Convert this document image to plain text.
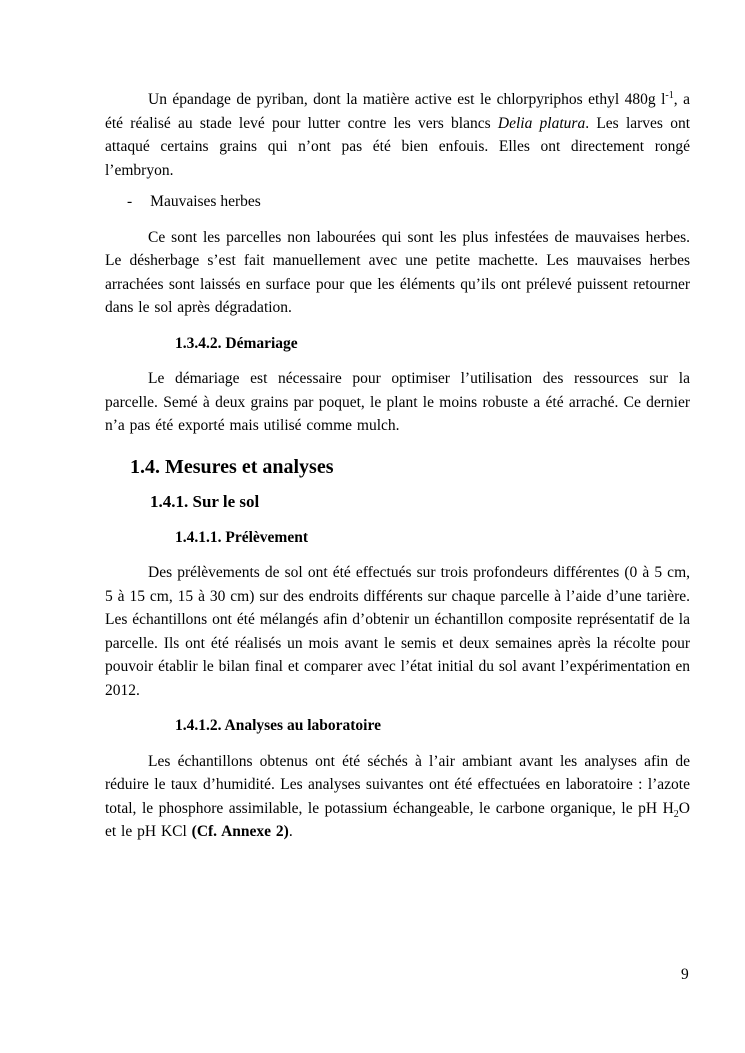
Un épandage de pyriban, dont la matière active est le chlorpyriphos ethyl 480g $l^{-1}$, a été réalisé au stade levé pour lutter contre les vers blancs Delia platura. Les larves ont attaqué certains grains qui n’ont pas été bien enfouis. Elles ont directement rongé l’embryon.

- Mauvaises herbes

Ce sont les parcelles non labourées qui sont les plus infestées de mauvaises herbes. Le désherbage s’est fait manuellement avec une petite machette. Les mauvaises herbes arrachées sont laissés en surface pour que les éléments qu’ils ont prélevé puissent retourner dans le sol après dégradation.

1.3.4.2. Démariage

Le démariage est nécessaire pour optimiser l’utilisation des ressources sur la parcelle. Semé à deux grains par poquet, le plant le moins robuste a été arraché. Ce dernier n’a pas été exporté mais utilisé comme mulch.

1.4. Mesures et analyses
1.4.1. Sur le sol
1.4.1.1. Prélèvement

Des prélèvements de sol ont été effectués sur trois profondeurs différentes (0 à 5 cm, 5 à 15 cm, 15 à 30 cm) sur des endroits différents sur chaque parcelle à l’aide d’une tarière. Les échantillons ont été mélangés afin d’obtenir un échantillon composite représentatif de la parcelle. Ils ont été réalisés un mois avant le semis et deux semaines après la récolte pour pouvoir établir le bilan final et comparer avec l’état initial du sol avant l’expérimentation en 2012.

1.4.1.2. Analyses au laboratoire

Les échantillons obtenus ont été séchés à l’air ambiant avant les analyses afin de réduire le taux d’humidité. Les analyses suivantes ont été effectuées en laboratoire : l’azote total, le phosphore assimilable, le potassium échangeable, le carbone organique, le pH $H_2O$ et le pH KCl (Cf. Annexe 2).

9
